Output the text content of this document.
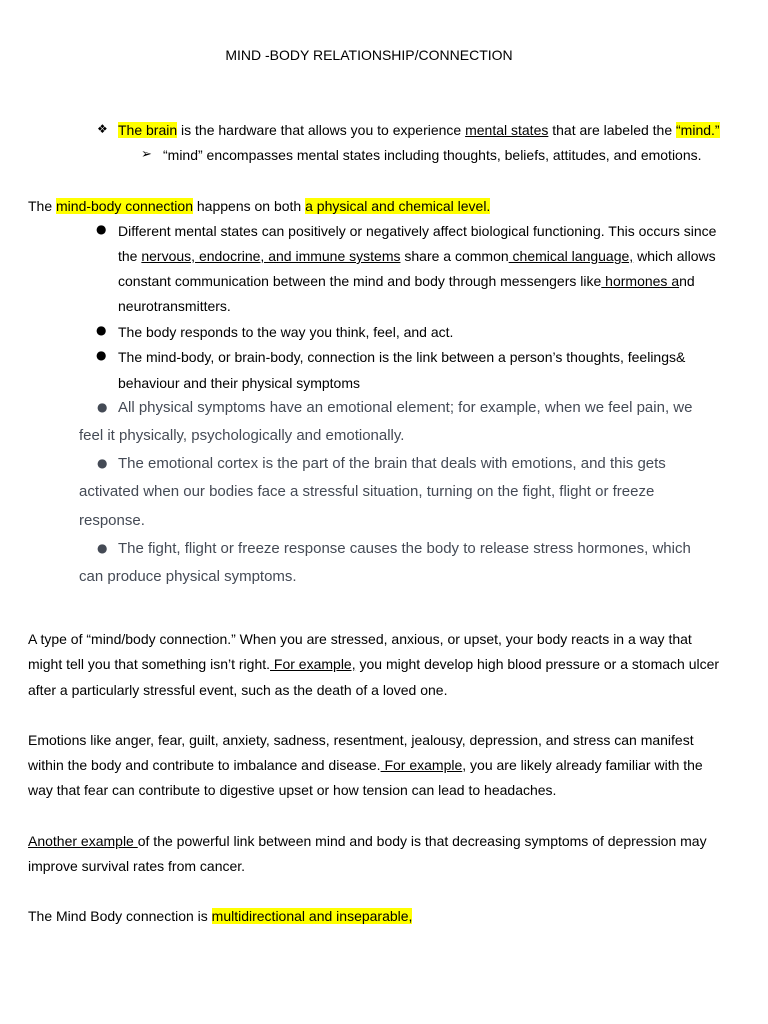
MIND -BODY RELATIONSHIP/CONNECTION
❖ The brain is the hardware that allows you to experience mental states that are labeled the “mind.”
➢ “mind” encompasses mental states including thoughts, beliefs, attitudes, and emotions.
The mind-body connection happens on both a physical and chemical level.
● Different mental states can positively or negatively affect biological functioning. This occurs since
the nervous, endocrine, and immune systems share a common chemical language, which allows
constant communication between the mind and body through messengers like hormones and
neurotransmitters.
● The body responds to the way you think, feel, and act.
● The mind-body, or brain-body, connection is the link between a person’s thoughts, feelings&
behaviour and their physical symptoms
● All physical symptoms have an emotional element; for example, when we feel pain, we
feel it physically, psychologically and emotionally.
● The emotional cortex is the part of the brain that deals with emotions, and this gets
activated when our bodies face a stressful situation, turning on the fight, flight or freeze
response.
● The fight, flight or freeze response causes the body to release stress hormones, which
can produce physical symptoms.
A type of “mind/body connection.” When you are stressed, anxious, or upset, your body reacts in a way that
might tell you that something isn’t right. For example, you might develop high blood pressure or a stomach ulcer
after a particularly stressful event, such as the death of a loved one.
Emotions like anger, fear, guilt, anxiety, sadness, resentment, jealousy, depression, and stress can manifest
within the body and contribute to imbalance and disease. For example, you are likely already familiar with the
way that fear can contribute to digestive upset or how tension can lead to headaches.
Another example of the powerful link between mind and body is that decreasing symptoms of depression may
improve survival rates from cancer.
The Mind Body connection is multidirectional and inseparable,
